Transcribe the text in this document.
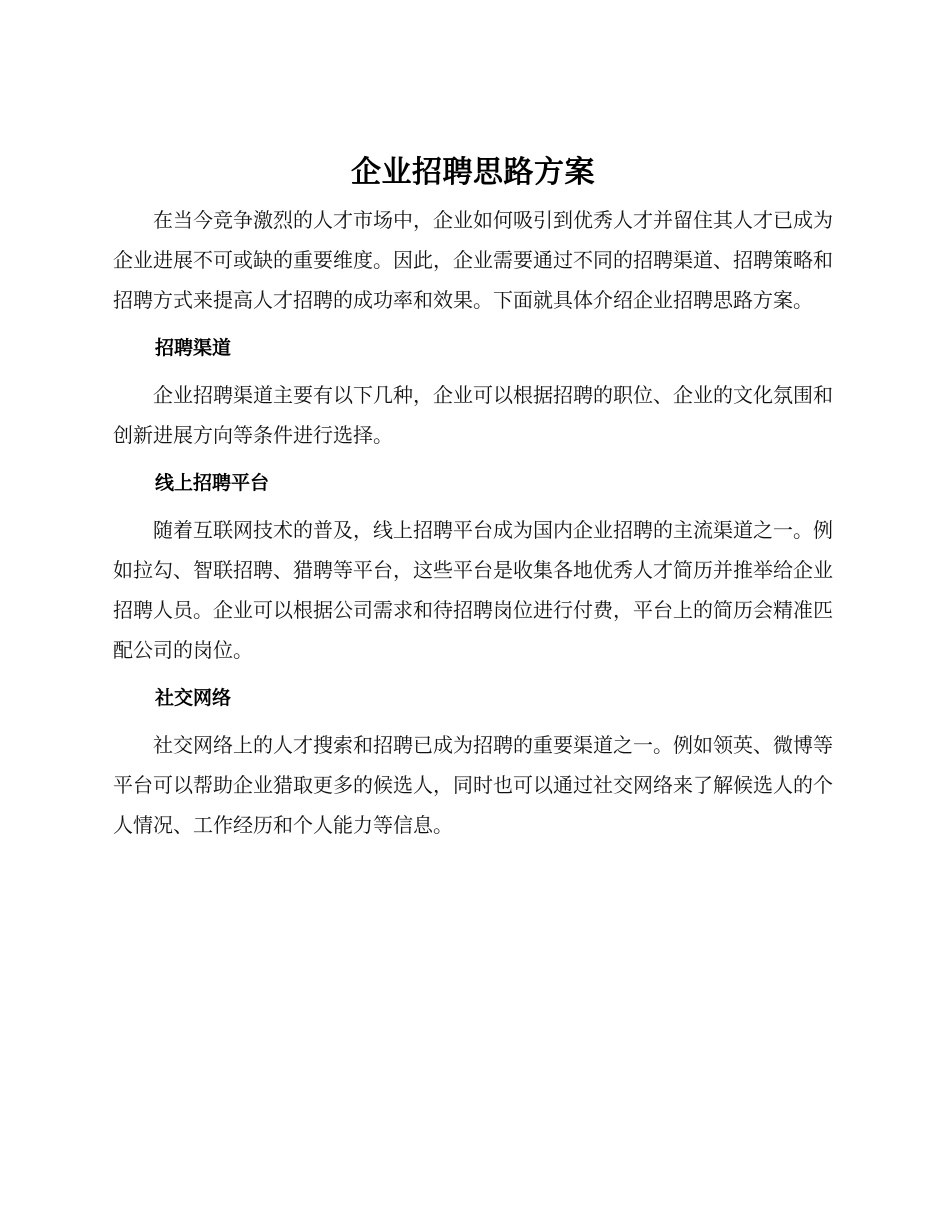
企业招聘思路方案

在当今竞争激烈的人才市场中，企业如何吸引到优秀人才并留住其人才已成为企业进展不可或缺的重要维度。因此，企业需要通过不同的招聘渠道、招聘策略和招聘方式来提高人才招聘的成功率和效果。下面就具体介绍企业招聘思路方案。

招聘渠道

企业招聘渠道主要有以下几种，企业可以根据招聘的职位、企业的文化氛围和创新进展方向等条件进行选择。

线上招聘平台

随着互联网技术的普及，线上招聘平台成为国内企业招聘的主流渠道之一。例如拉勾、智联招聘、猎聘等平台，这些平台是收集各地优秀人才简历并推举给企业招聘人员。企业可以根据公司需求和待招聘岗位进行付费，平台上的简历会精准匹配公司的岗位。

社交网络

社交网络上的人才搜索和招聘已成为招聘的重要渠道之一。例如领英、微博等平台可以帮助企业猎取更多的候选人，同时也可以通过社交网络来了解候选人的个人情况、工作经历和个人能力等信息。
